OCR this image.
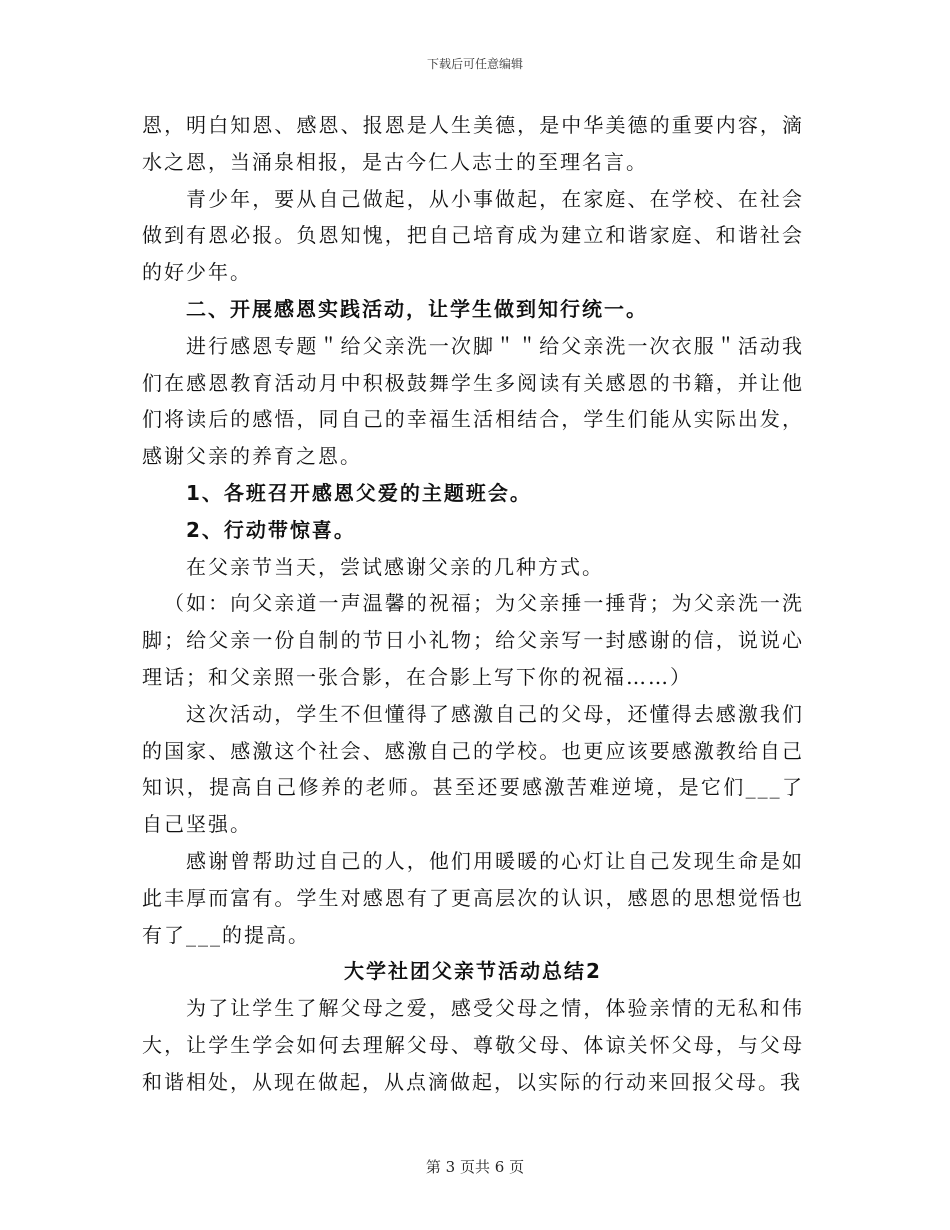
下载后可任意编辑

恩，明白知恩、感恩、报恩是人生美德，是中华美德的重要内容，滴水之恩，当涌泉相报，是古今仁人志士的至理名言。

青少年，要从自己做起，从小事做起，在家庭、在学校、在社会做到有恩必报。负恩知愧，把自己培育成为建立和谐家庭、和谐社会的好少年。

二、开展感恩实践活动，让学生做到知行统一。

进行感恩专题＂给父亲洗一次脚＂＂给父亲洗一次衣服＂活动我们在感恩教育活动月中积极鼓舞学生多阅读有关感恩的书籍，并让他们将读后的感悟，同自己的幸福生活相结合，学生们能从实际出发，感谢父亲的养育之恩。

1、各班召开感恩父爱的主题班会。

2、行动带惊喜。

在父亲节当天，尝试感谢父亲的几种方式。

（如：向父亲道一声温馨的祝福；为父亲捶一捶背；为父亲洗一洗脚；给父亲一份自制的节日小礼物；给父亲写一封感谢的信，说说心理话；和父亲照一张合影，在合影上写下你的祝福……）

这次活动，学生不但懂得了感激自己的父母，还懂得去感激我们的国家、感激这个社会、感激自己的学校。也更应该要感激教给自己知识，提高自己修养的老师。甚至还要感激苦难逆境，是它们___了自己坚强。

感谢曾帮助过自己的人，他们用暖暖的心灯让自己发现生命是如此丰厚而富有。学生对感恩有了更高层次的认识，感恩的思想觉悟也有了___的提高。

大学社团父亲节活动总结2

为了让学生了解父母之爱，感受父母之情，体验亲情的无私和伟大，让学生学会如何去理解父母、尊敬父母、体谅关怀父母，与父母和谐相处，从现在做起，从点滴做起，以实际的行动来回报父母。我

第 3 页共 6 页
